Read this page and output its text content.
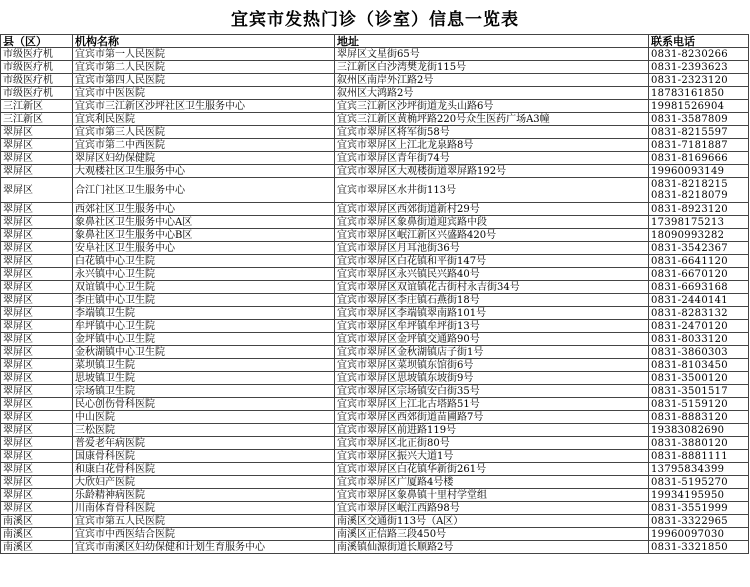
宜宾市发热门诊（诊室）信息一览表
县（区）	机构名称	地址	联系电话
市级医疗机	宜宾市第一人民医院	翠屏区文星街65号	0831-8230266
市级医疗机	宜宾市第二人民医院	三江新区白沙湾樊龙街115号	0831-2393623
市级医疗机	宜宾市第四人民医院	叙州区南岸外江路2号	0831-2323120
市级医疗机	宜宾市中医医院	叙州区大鸿路2号	18783161850
三江新区	宜宾市三江新区沙坪社区卫生服务中心	宜宾三江新区沙坪街道龙头山路6号	19981526904
三江新区	宜宾利民医院	宜宾三江新区黄桷坪路220号众生医药广场A3幢	0831-3587809
翠屏区	宜宾市第三人民医院	宜宾市翠屏区将军街58号	0831-8215597
翠屏区	宜宾市第二中西医院	宜宾市翠屏区上江北龙泉路8号	0831-7181887
翠屏区	翠屏区妇幼保健院	宜宾市翠屏区青年街74号	0831-8169666
翠屏区	大观楼社区卫生服务中心	宜宾市翠屏区大观楼街道翠屏路192号	19960093149
翠屏区	合江门社区卫生服务中心	宜宾市翠屏区水井街113号	0831-8218215
0831-8218079
翠屏区	西郊社区卫生服务中心	宜宾市翠屏区西郊街道新村29号	0831-8923120
翠屏区	象鼻社区卫生服务中心A区	宜宾市翠屏区象鼻街道迎宾路中段	17398175213
翠屏区	象鼻社区卫生服务中心B区	宜宾市翠屏区岷江新区兴盛路420号	18090993282
翠屏区	安阜社区卫生服务中心	宜宾市翠屏区月耳池街36号	0831-3542367
翠屏区	白花镇中心卫生院	宜宾市翠屏区白花镇和平街147号	0831-6641120
翠屏区	永兴镇中心卫生院	宜宾市翠屏区永兴镇民兴路40号	0831-6670120
翠屏区	双谊镇中心卫生院	宜宾市翠屏区双谊镇花古街村永吉街34号	0831-6693168
翠屏区	李庄镇中心卫生院	宜宾市翠屏区李庄镇石燕街18号	0831-2440141
翠屏区	李端镇卫生院	宜宾市翠屏区李端镇翠南路101号	0831-8283132
翠屏区	牟坪镇中心卫生院	宜宾市翠屏区牟坪镇牟坪街13号	0831-2470120
翠屏区	金坪镇中心卫生院	宜宾市翠屏区金坪镇交通路90号	0831-8033120
翠屏区	金秋湖镇中心卫生院	宜宾市翠屏区金秋湖镇店子街1号	0831-3860303
翠屏区	菜坝镇卫生院	宜宾市翠屏区菜坝镇东馆街6号	0831-8103450
翠屏区	思坡镇卫生院	宜宾市翠屏区思坡镇东坡街9号	0831-3500120
翠屏区	宗场镇卫生院	宜宾市翠屏区宗场镇安白街35号	0831-3501517
翠屏区	民心创伤骨科医院	宜宾市翠屏区上江北古塔路51号	0831-5159120
翠屏区	中山医院	宜宾市翠屏区西郊街道苗圃路7号	0831-8883120
翠屏区	三松医院	宜宾市翠屏区前进路119号	19383082690
翠屏区	普爱老年病医院	宜宾市翠屏区北正街80号	0831-3880120
翠屏区	国康骨科医院	宜宾市翠屏区振兴大道1号	0831-8881111
翠屏区	和康白花骨科医院	宜宾市翠屏区白花镇华新街261号	13795834399
翠屏区	大欣妇产医院	宜宾市翠屏区广厦路4号楼	0831-5195270
翠屏区	乐龄精神病医院	宜宾市翠屏区象鼻镇十里村学堂组	19934195950
翠屏区	川南体育骨科医院	宜宾市翠屏区岷江西路98号	0831-3551999
南溪区	宜宾市第五人民医院	南溪区交通街113号（A区）	0831-3322965
南溪区	宜宾市中西医结合医院	南溪区正信路三段450号	19960097030
南溪区	宜宾市南溪区妇幼保健和计划生育服务中心	南溪镇仙源街道长顺路2号	0831-3321850
